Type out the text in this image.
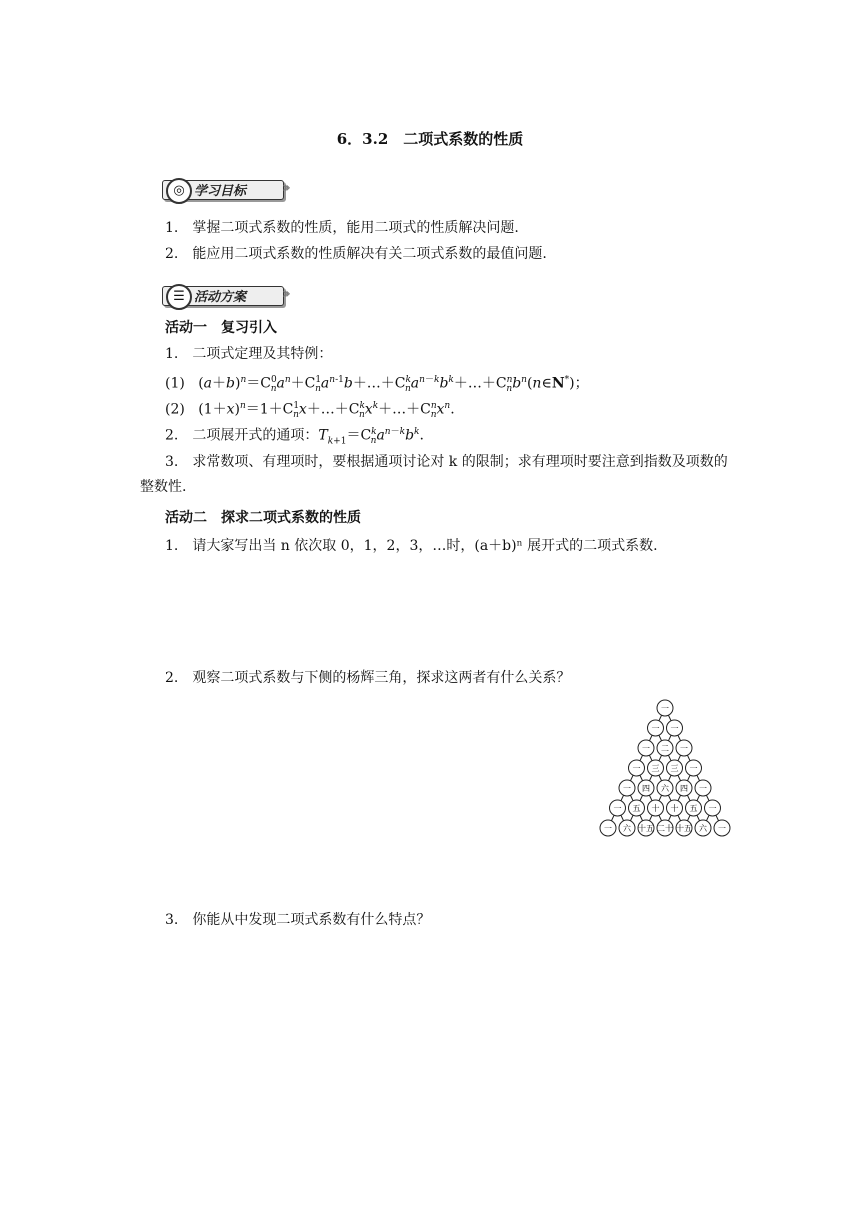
6．3.2　二项式系数的性质
◎ 学习目标	›››
1.　掌握二项式系数的性质，能用二项式的性质解决问题.
2.　能应用二项式系数的性质解决有关二项式系数的最值问题.
☰ 活动方案	›››
活动一　复习引入
1.　二项式定理及其特例：
(1)   $(a+b)^n=C^0_na^n+C^1_na^{n-1}b+\dots+C^k_na^{n-k}b^k+\dots+C^n_nb^n(n\in N^*)$；
(2)   $(1+x)^n=1+C^1_nx+\dots+C^k_nx^k+\dots+C^n_nx^n$.
2.　二项展开式的通项：$T_{k+1}=C^k_na^{n-k}b^k$.
3.　求常数项、有理项时，要根据通项讨论对 k 的限制；求有理项时要注意到指数及项数的整数性.
活动二　探求二项式系数的性质
1.　请大家写出当 n 依次取 0，1，2，3，…时，(a＋b)ⁿ 展开式的二项式系数.
2.　观察二项式系数与下侧的杨辉三角，探求这两者有什么关系？
一
一 一
一 二 一
一 三 三 一
一 四 六 四 一
一 五 十 十 五 一
一 六 十五 二十 十五 六 一
3.　你能从中发现二项式系数有什么特点？
